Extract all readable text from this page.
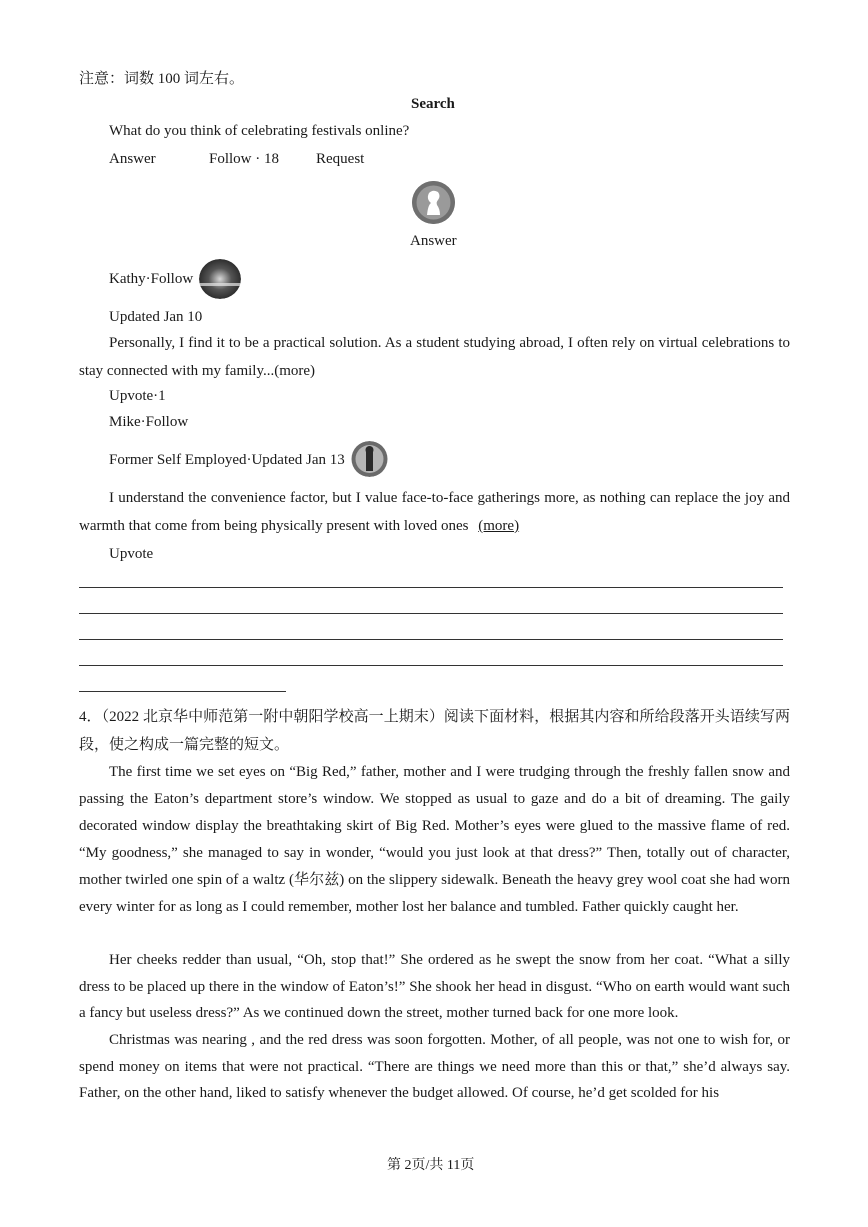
注意：词数 100 词左右。
Search
What do you think of celebrating festivals online?
Answer	Follow · 18 Request
Answer
Kathy·Follow
Updated Jan 10
Personally, I find it to be a practical solution. As a student studying abroad, I often rely on virtual celebrations to stay connected with my family...(more)
Upvote·1
Mike·Follow
Former Self Employed·Updated Jan 13
I understand the convenience factor, but I value face-to-face gatherings more, as nothing can replace the joy and warmth that come from being physically present with loved ones (more)
Upvote
4．（2022 北京华中师范第一附中朝阳学校高一上期末）阅读下面材料，根据其内容和所给段落开头语续写两段，使之构成一篇完整的短文。
The first time we set eyes on “Big Red,” father, mother and I were trudging through the freshly fallen snow and passing the Eaton’s department store’s window. We stopped as usual to gaze and do a bit of dreaming. The gaily decorated window display the breathtaking skirt of Big Red. Mother’s eyes were glued to the massive flame of red. “My goodness,” she managed to say in wonder, “would you just look at that dress?” Then, totally out of character, mother twirled one spin of a waltz (华尔兹) on the slippery sidewalk. Beneath the heavy grey wool coat she had worn every winter for as long as I could remember, mother lost her balance and tumbled. Father quickly caught her.
Her cheeks redder than usual, “Oh, stop that!” She ordered as he swept the snow from her coat. “What a silly dress to be placed up there in the window of Eaton’s!” She shook her head in disgust. “Who on earth would want such a fancy but useless dress?” As we continued down the street, mother turned back for one more look.
Christmas was nearing , and the red dress was soon forgotten. Mother, of all people, was not one to wish for, or spend money on items that were not practical. “There are things we need more than this or that,” she’d always say. Father, on the other hand, liked to satisfy whenever the budget allowed. Of course, he’d get scolded for his
第 2页/共 11页
